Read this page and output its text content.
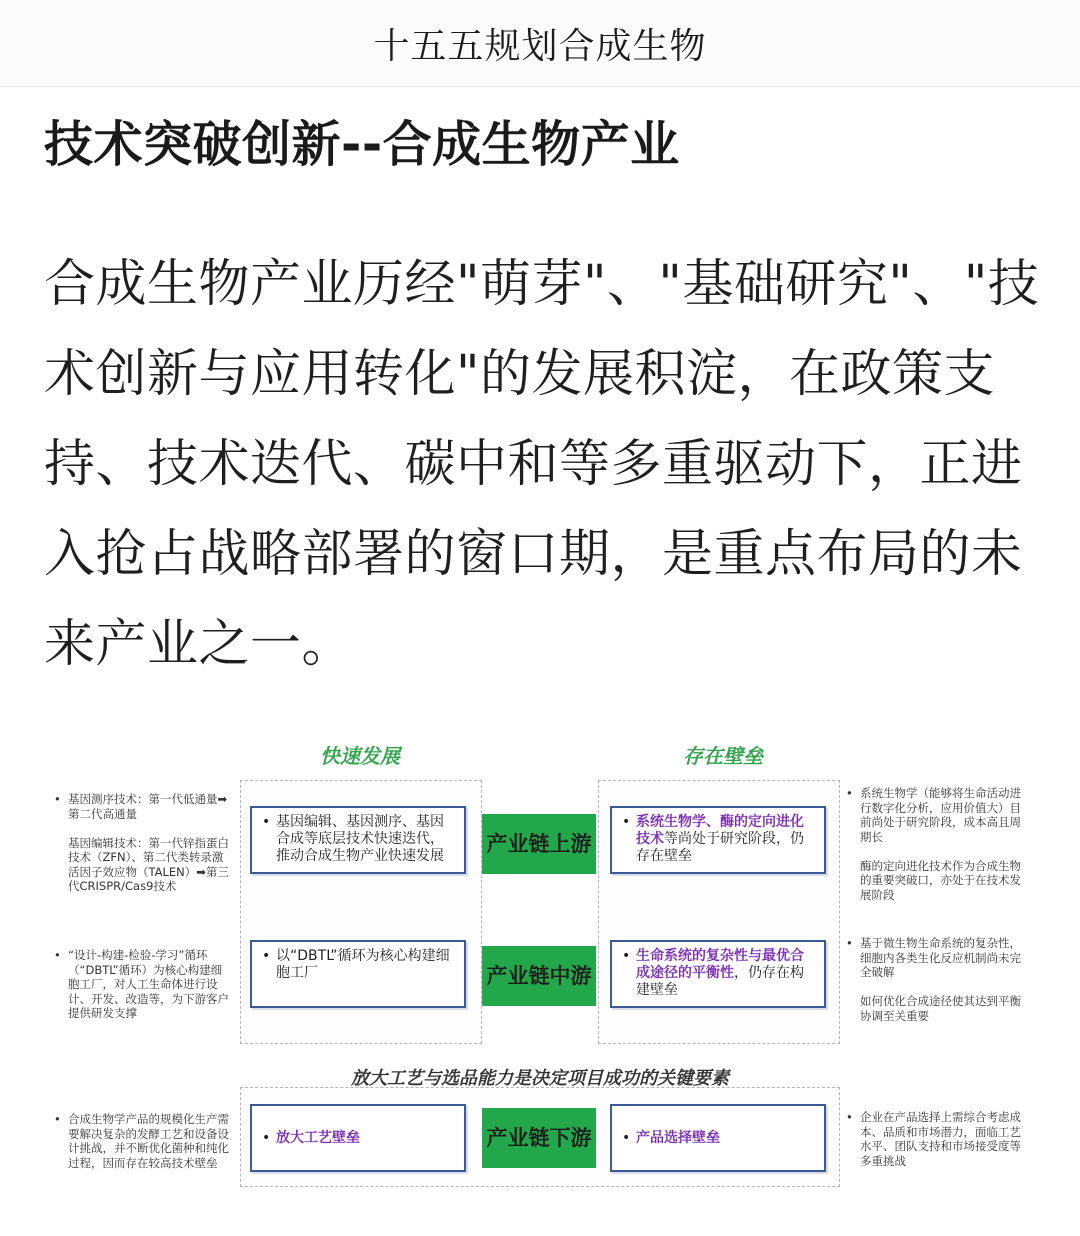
十五五规划合成生物
技术突破创新--合成生物产业
合成生物产业历经"萌芽"、"基础研究"、"技术创新与应用转化"的发展积淀，在政策支持、技术迭代、碳中和等多重驱动下，正进入抢占战略部署的窗口期，是重点布局的未来产业之一。
快速发展	存在壁垒
• 基因测序技术：第一代低通量➡第二代高通量

基因编辑技术：第一代锌指蛋白技术（ZFN）、第二代类转录激活因子效应物（TALEN）➡第三代CRISPR/Cas9技术
• 基因编辑、基因测序、基因合成等底层技术快速迭代，推动合成生物产业快速发展
产业链上游
• 系统生物学、酶的定向进化技术等尚处于研究阶段，仍存在壁垒
• 系统生物学（能够将生命活动进行数字化分析，应用价值大）目前尚处于研究阶段，成本高且周期长

酶的定向进化技术作为合成生物的重要突破口，亦处于在技术发展阶段
• “设计-构建-检验-学习”循环（“DBTL”循环）为核心构建细胞工厂，对人工生命体进行设计、开发、改造等，为下游客户提供研发支撑
• 以“DBTL”循环为核心构建细胞工厂	产业链中游
• 生命系统的复杂性与最优合成途径的平衡性，仍存在构建壁垒
• 基于微生物生命系统的复杂性，细胞内各类生化反应机制尚未完全破解

如何优化合成途径使其达到平衡协调至关重要
放大工艺与选品能力是决定项目成功的关键要素
• 合成生物学产品的规模化生产需要解决复杂的发酵工艺和设备设计挑战，并不断优化菌种和纯化过程，因而存在较高技术壁垒
• 放大工艺壁垒	产业链下游	• 产品选择壁垒
• 企业在产品选择上需综合考虑成本、品质和市场潜力，面临工艺水平、团队支持和市场接受度等多重挑战
